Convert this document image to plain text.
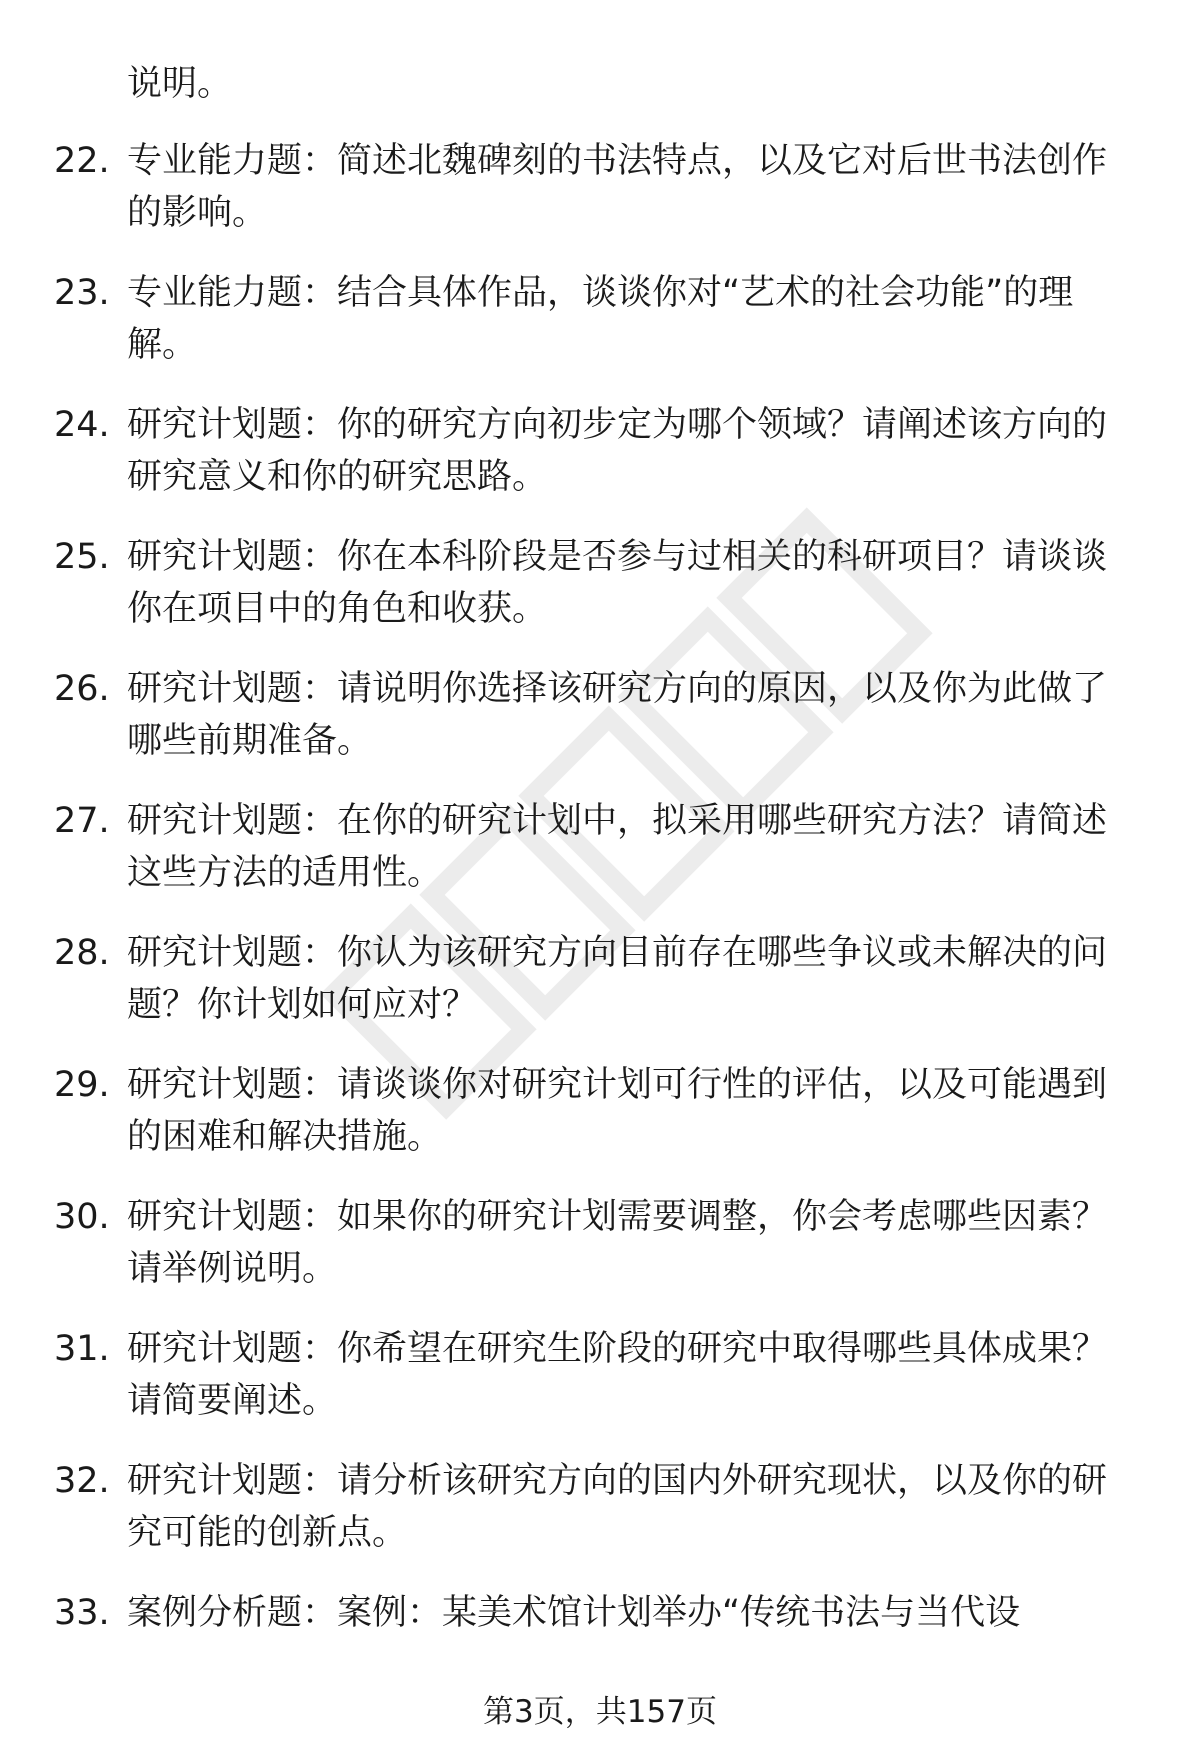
说明。

22. 专业能力题：简述北魏碑刻的书法特点，以及它对后世书法创作的影响。

23. 专业能力题：结合具体作品，谈谈你对“艺术的社会功能”的理解。

24. 研究计划题：你的研究方向初步定为哪个领域？请阐述该方向的研究意义和你的研究思路。

25. 研究计划题：你在本科阶段是否参与过相关的科研项目？请谈谈你在项目中的角色和收获。

26. 研究计划题：请说明你选择该研究方向的原因，以及你为此做了哪些前期准备。

27. 研究计划题：在你的研究计划中，拟采用哪些研究方法？请简述这些方法的适用性。

28. 研究计划题：你认为该研究方向目前存在哪些争议或未解决的问题？你计划如何应对？

29. 研究计划题：请谈谈你对研究计划可行性的评估，以及可能遇到的困难和解决措施。

30. 研究计划题：如果你的研究计划需要调整，你会考虑哪些因素？请举例说明。

31. 研究计划题：你希望在研究生阶段的研究中取得哪些具体成果？请简要阐述。

32. 研究计划题：请分析该研究方向的国内外研究现状，以及你的研究可能的创新点。

33. 案例分析题：案例：某美术馆计划举办“传统书法与当代设

第3页，共157页
